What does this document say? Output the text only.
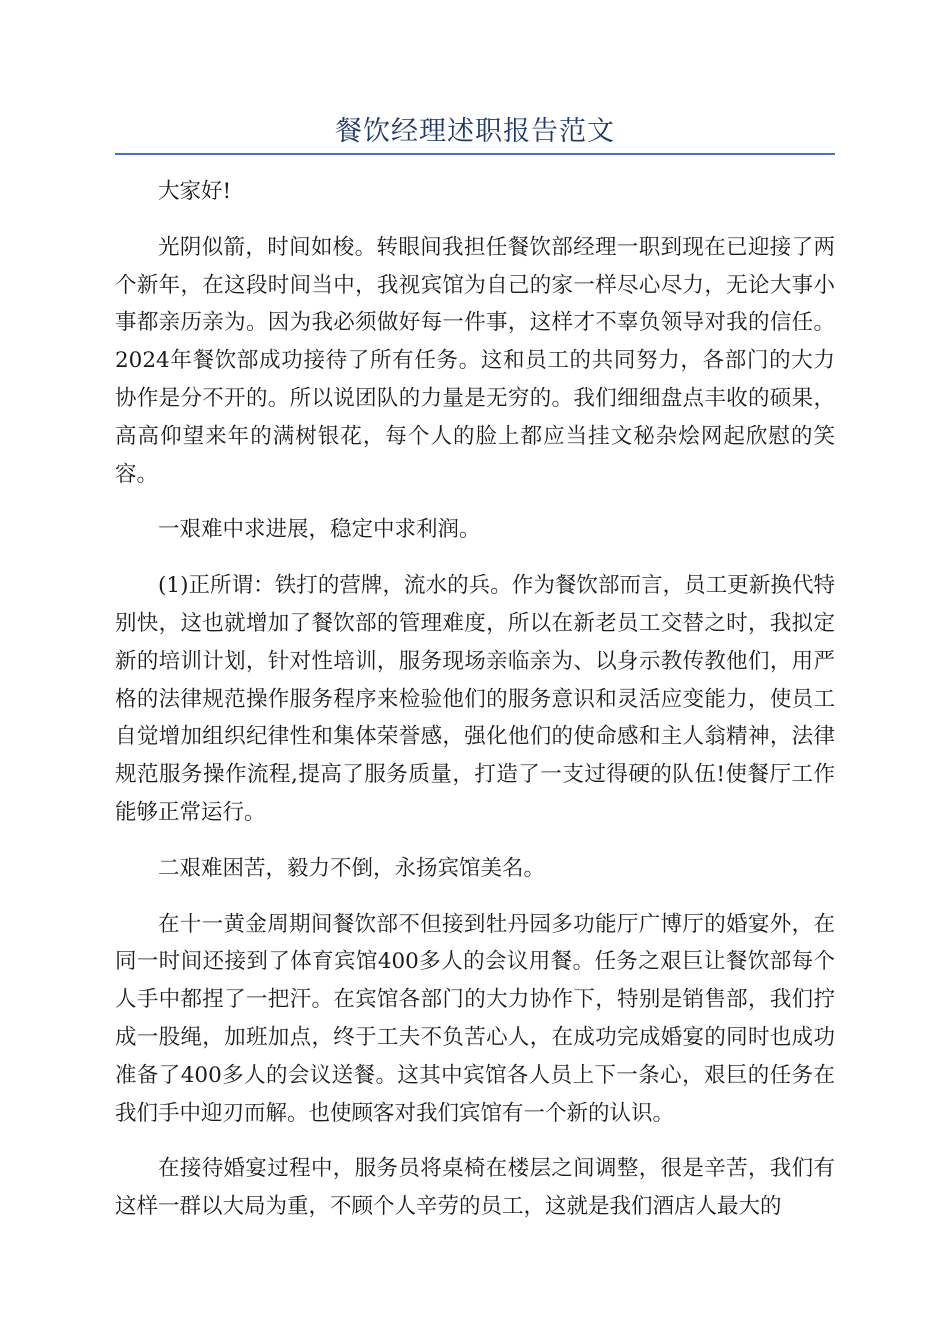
餐饮经理述职报告范文

大家好!

光阴似箭，时间如梭。转眼间我担任餐饮部经理一职到现在已迎接了两个新年，在这段时间当中，我视宾馆为自己的家一样尽心尽力，无论大事小事都亲历亲为。因为我必须做好每一件事，这样才不辜负领导对我的信任。2024年餐饮部成功接待了所有任务。这和员工的共同努力，各部门的大力协作是分不开的。所以说团队的力量是无穷的。我们细细盘点丰收的硕果，高高仰望来年的满树银花，每个人的脸上都应当挂文秘杂烩网起欣慰的笑容。

一艰难中求进展，稳定中求利润。

(1)正所谓：铁打的营牌，流水的兵。作为餐饮部而言，员工更新换代特别快，这也就增加了餐饮部的管理难度，所以在新老员工交替之时，我拟定新的培训计划，针对性培训，服务现场亲临亲为、以身示教传教他们，用严格的法律规范操作服务程序来检验他们的服务意识和灵活应变能力，使员工自觉增加组织纪律性和集体荣誉感，强化他们的使命感和主人翁精神，法律规范服务操作流程,提高了服务质量，打造了一支过得硬的队伍!使餐厅工作能够正常运行。

二艰难困苦，毅力不倒，永扬宾馆美名。

在十一黄金周期间餐饮部不但接到牡丹园多功能厅广博厅的婚宴外，在同一时间还接到了体育宾馆400多人的会议用餐。任务之艰巨让餐饮部每个人手中都捏了一把汗。在宾馆各部门的大力协作下，特别是销售部，我们拧成一股绳，加班加点，终于工夫不负苦心人，在成功完成婚宴的同时也成功准备了400多人的会议送餐。这其中宾馆各人员上下一条心，艰巨的任务在我们手中迎刃而解。也使顾客对我们宾馆有一个新的认识。

在接待婚宴过程中，服务员将桌椅在楼层之间调整，很是辛苦，我们有这样一群以大局为重，不顾个人辛劳的员工，这就是我们酒店人最大的
